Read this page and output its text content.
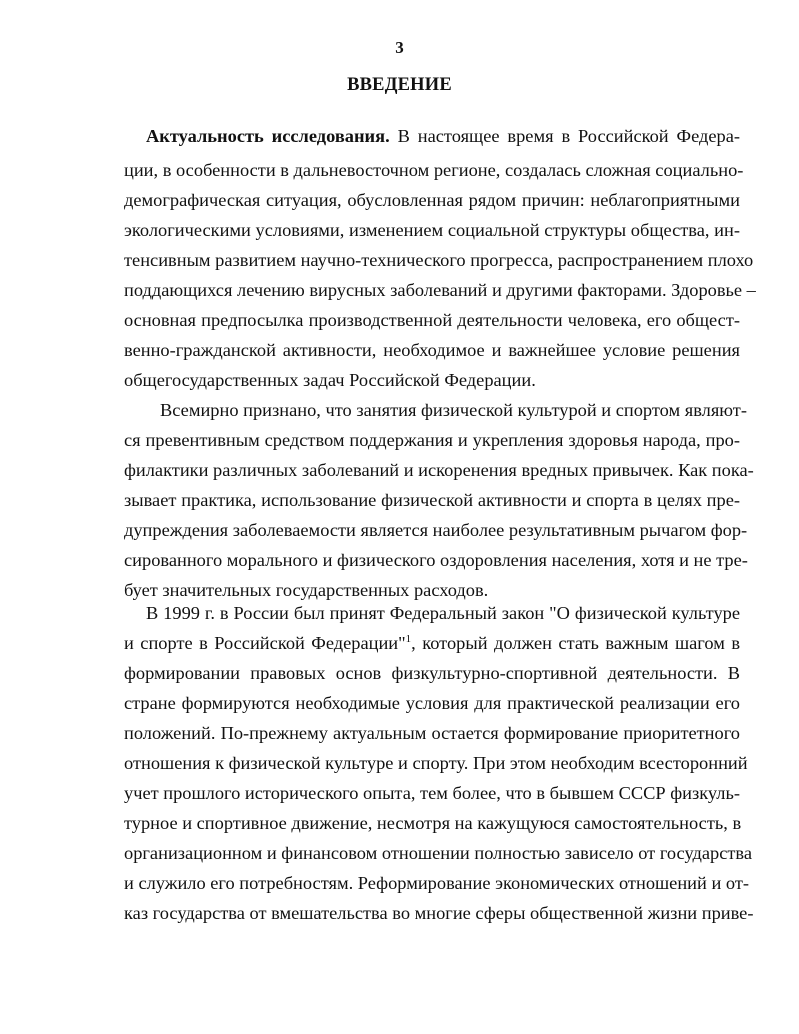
3
ВВЕДЕНИЕ
Актуальность исследования. В настоящее время в Российской Федера-
ции, в особенности в дальневосточном регионе, создалась сложная социально-
демографическая ситуация, обусловленная рядом причин: неблагоприятными
экологическими условиями, изменением социальной структуры общества, ин-
тенсивным развитием научно-технического прогресса, распространением плохо
поддающихся лечению вирусных заболеваний и другими факторами. Здоровье –
основная предпосылка производственной деятельности человека, его общест-
венно-гражданской активности, необходимое и важнейшее условие решения
общегосударственных задач Российской Федерации.
Всемирно признано, что занятия физической культурой и спортом являют-
ся превентивным средством поддержания и укрепления здоровья народа, про-
филактики различных заболеваний и искоренения вредных привычек. Как пока-
зывает практика, использование физической активности и спорта в целях пре-
дупреждения заболеваемости является наиболее результативным рычагом фор-
сированного морального и физического оздоровления населения, хотя и не тре-
бует значительных государственных расходов.
В 1999 г. в России был принят Федеральный закон "О физической культуре
и спорте в Российской Федерации"$^1$, который должен стать важным шагом в
формировании правовых основ физкультурно-спортивной деятельности. В
стране формируются необходимые условия для практической реализации его
положений. По-прежнему актуальным остается формирование приоритетного
отношения к физической культуре и спорту. При этом необходим всесторонний
учет прошлого исторического опыта, тем более, что в бывшем СССР физкуль-
турное и спортивное движение, несмотря на кажущуюся самостоятельность, в
организационном и финансовом отношении полностью зависело от государства
и служило его потребностям. Реформирование экономических отношений и от-
каз государства от вмешательства во многие сферы общественной жизни приве-
